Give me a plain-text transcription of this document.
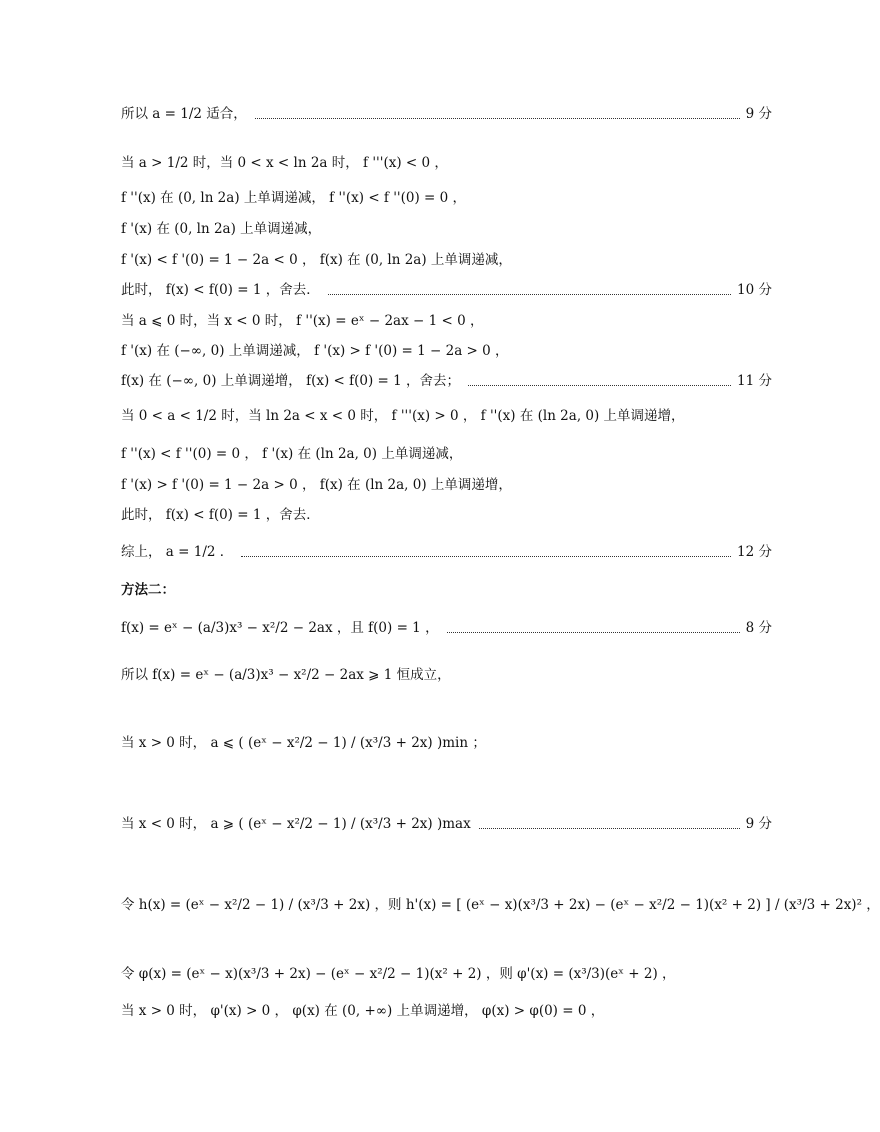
所以 a = 1/2 适合，	9 分
当 a > 1/2 时，当 0 < x < ln 2a 时， f '''(x) < 0 ，
f ''(x) 在 (0, ln 2a) 上单调递减， f ''(x) < f ''(0) = 0 ，
f '(x) 在 (0, ln 2a) 上单调递减，
f '(x) < f '(0) = 1 − 2a < 0 ， f(x) 在 (0, ln 2a) 上单调递减，
此时， f(x) < f(0) = 1 ，舍去．	10 分
当 a ⩽ 0 时，当 x < 0 时， f ''(x) = eˣ − 2ax − 1 < 0 ，
f '(x) 在 (−∞, 0) 上单调递减， f '(x) > f '(0) = 1 − 2a > 0 ，
f(x) 在 (−∞, 0) 上单调递增， f(x) < f(0) = 1 ，舍去；	11 分
当 0 < a < 1/2 时，当 ln 2a < x < 0 时， f '''(x) > 0 ， f ''(x) 在 (ln 2a, 0) 上单调递增，
f ''(x) < f ''(0) = 0 ， f '(x) 在 (ln 2a, 0) 上单调递减，
f '(x) > f '(0) = 1 − 2a > 0 ， f(x) 在 (ln 2a, 0) 上单调递增，
此时， f(x) < f(0) = 1 ，舍去．
综上， a = 1/2 ．	12 分
方法二：
f(x) = eˣ − (a/3)x³ − x²/2 − 2ax ，且 f(0) = 1 ，	8 分
所以 f(x) = eˣ − (a/3)x³ − x²/2 − 2ax ⩾ 1 恒成立，
当 x > 0 时， a ⩽ ( (eˣ − x²/2 − 1) / (x³/3 + 2x) )min ；
当 x < 0 时， a ⩾ ( (eˣ − x²/2 − 1) / (x³/3 + 2x) )max	9 分
令 h(x) = (eˣ − x²/2 − 1) / (x³/3 + 2x) ，则 h'(x) = [ (eˣ − x)(x³/3 + 2x) − (eˣ − x²/2 − 1)(x² + 2) ] / (x³/3 + 2x)² ，
令 φ(x) = (eˣ − x)(x³/3 + 2x) − (eˣ − x²/2 − 1)(x² + 2) ，则 φ'(x) = (x³/3)(eˣ + 2) ，
当 x > 0 时， φ'(x) > 0 ， φ(x) 在 (0, +∞) 上单调递增， φ(x) > φ(0) = 0 ，
